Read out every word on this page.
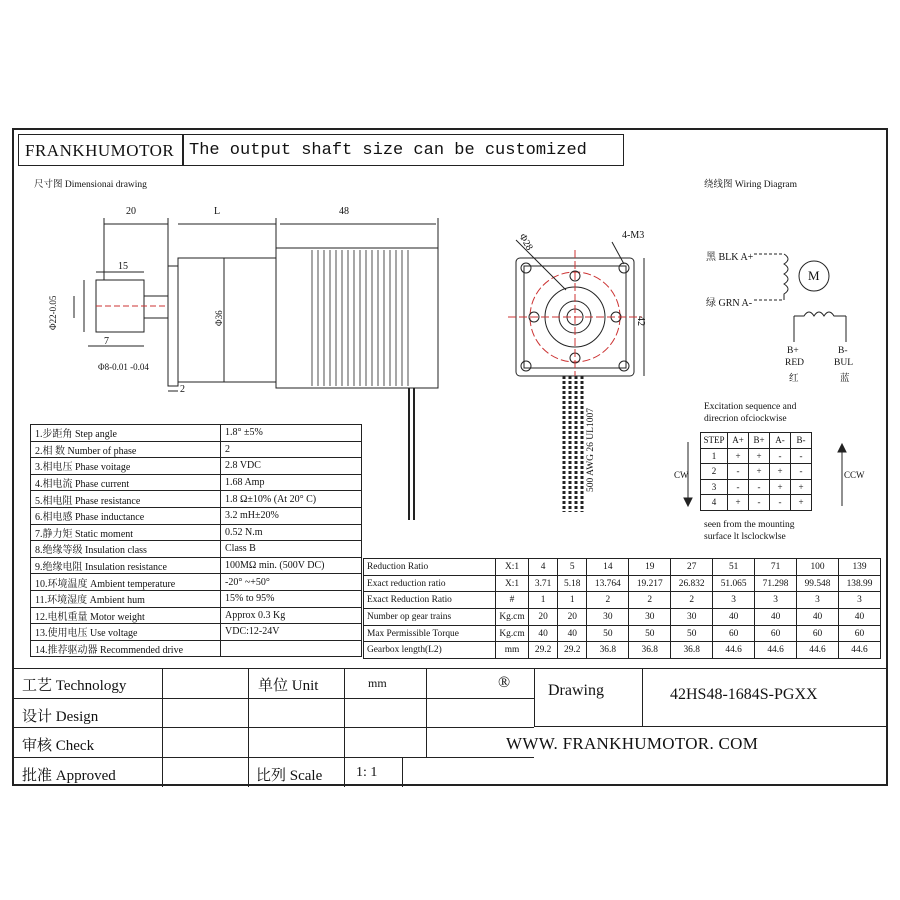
FRANKHUMOTOR The output shaft size can be customized
尺寸图 Dimensionai drawing	绕线图 Wiring Diagram
20	L	48
15
Φ22-0.05
7
Φ8-0.01 -0.04
2
Φ36
Φ28	4-M3
42
500 AWG 26 UL1007
黑 BLK A+
绿 GRN A-
M
B+
RED
红
B-
BUL
蓝
Excitation sequence and
direcrion ofciockwise
CW	CCW
STEP	A+	B+	A-	B-
1	+	+	-	-
2	-	+	+	-
3	-	-	+	+
4	+	-	-	+
seen from the mounting
surface lt lsclockwlse
1.步距角 Step angle	1.8° ±5%
2.相 数 Number of phase	2
3.相电压 Phase voitage	2.8 VDC
4.相电流 Phase current	1.68 Amp
5.相电阻 Phase resistance	1.8 Ω±10% (At 20° C)
6.相电感 Phase inductance	3.2 mH±20%
7.静力矩 Static moment	0.52 N.m
8.绝缘等级 Insulation class	Class B
9.绝缘电阻 Insulation resistance	100MΩ min. (500V DC)
10.环境温度 Ambient temperature	-20° ~+50°
11.环境湿度 Ambient hum	15% to 95%
12.电机重量 Motor weight	Approx 0.3 Kg
13.使用电压 Use voltage	VDC:12-24V
14.推荐驱动器 Recommended drive	
Reduction Ratio	X:1	4	5	14	19	27	51	71	100	139
Exact reduction ratio	X:1	3.71	5.18	13.764	19.217	26.832	51.065	71.298	99.548	138.99
Exact Reduction Ratio	#	1	1	2	2	2	3	3	3	3
Number op gear trains	Kg.cm	20	20	30	30	30	40	40	40	40
Max Permissible Torque	Kg.cm	40	40	50	50	50	60	60	60	60
Gearbox length(L2)	mm	29.2	29.2	36.8	36.8	36.8	44.6	44.6	44.6	44.6
工艺 Technology	单位 Unit	mm
设计 Design
审核 Check
批准 Approved	比列 Scale 1: 1
® Drawing	42HS48-1684S-PGXX
WWW. FRANKHUMOTOR. COM
